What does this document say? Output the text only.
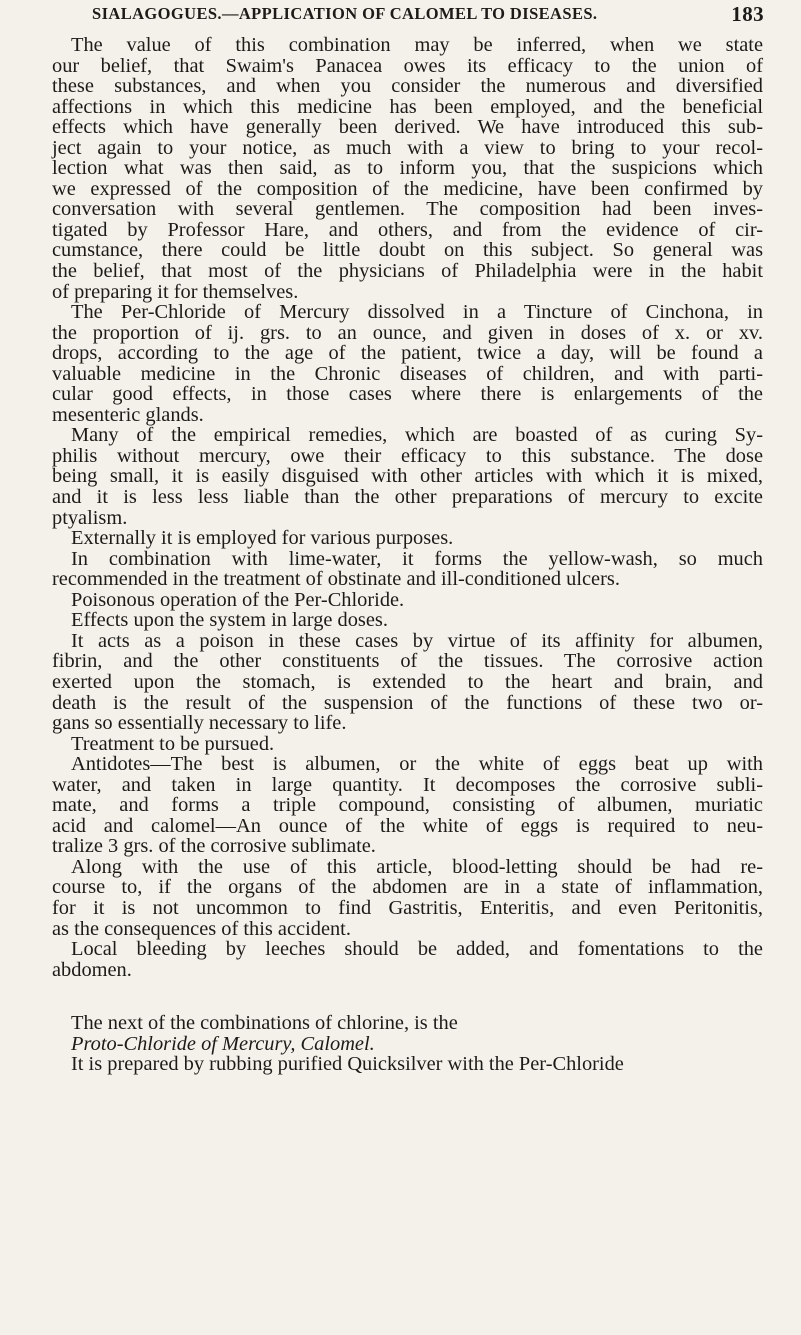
SIALAGOGUES.—APPLICATION OF CALOMEL TO DISEASES.	183
The value of this combination may be inferred, when we state
our belief, that Swaim's Panacea owes its efficacy to the union of
these substances, and when you consider the numerous and diversified
affections in which this medicine has been employed, and the beneficial
effects which have generally been derived. We have introduced this sub-
ject again to your notice, as much with a view to bring to your recol-
lection what was then said, as to inform you, that the suspicions which
we expressed of the composition of the medicine, have been confirmed by
conversation with several gentlemen. The composition had been inves-
tigated by Professor Hare, and others, and from the evidence of cir-
cumstance, there could be little doubt on this subject. So general was
the belief, that most of the physicians of Philadelphia were in the habit
of preparing it for themselves.
The Per-Chloride of Mercury dissolved in a Tincture of Cinchona, in
the proportion of ij. grs. to an ounce, and given in doses of x. or xv.
drops, according to the age of the patient, twice a day, will be found a
valuable medicine in the Chronic diseases of children, and with parti-
cular good effects, in those cases where there is enlargements of the
mesenteric glands.
Many of the empirical remedies, which are boasted of as curing Sy-
philis without mercury, owe their efficacy to this substance. The dose
being small, it is easily disguised with other articles with which it is mixed,
and it is less less liable than the other preparations of mercury to excite
ptyalism.
Externally it is employed for various purposes.
In combination with lime-water, it forms the yellow-wash, so much
recommended in the treatment of obstinate and ill-conditioned ulcers.
Poisonous operation of the Per-Chloride.
Effects upon the system in large doses.
It acts as a poison in these cases by virtue of its affinity for albumen,
fibrin, and the other constituents of the tissues. The corrosive action
exerted upon the stomach, is extended to the heart and brain, and
death is the result of the suspension of the functions of these two or-
gans so essentially necessary to life.
Treatment to be pursued.
Antidotes—The best is albumen, or the white of eggs beat up with
water, and taken in large quantity. It decomposes the corrosive subli-
mate, and forms a triple compound, consisting of albumen, muriatic
acid and calomel—An ounce of the white of eggs is required to neu-
tralize 3 grs. of the corrosive sublimate.
Along with the use of this article, blood-letting should be had re-
course to, if the organs of the abdomen are in a state of inflammation,
for it is not uncommon to find Gastritis, Enteritis, and even Peritonitis,
as the consequences of this accident.
Local bleeding by leeches should be added, and fomentations to the
abdomen.
The next of the combinations of chlorine, is the
Proto-Chloride of Mercury, Calomel.
It is prepared by rubbing purified Quicksilver with the Per-Chloride
